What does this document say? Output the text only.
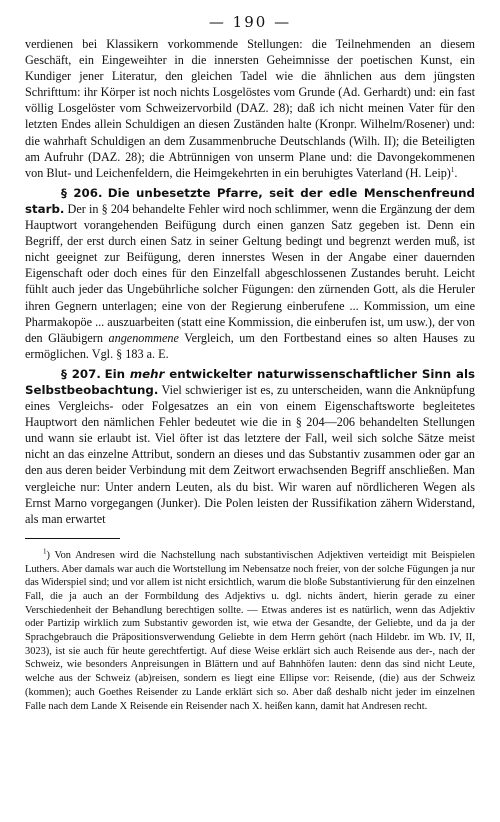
— 190 —

verdienen bei Klassikern vorkommende Stellungen: die Teilnehmenden an diesem Geschäft, ein Eingeweihter in die innersten Geheimnisse der poetischen Kunst, ein Kundiger jener Literatur, den gleichen Tadel wie die ähnlichen aus dem jüngsten Schrifttum: ihr Körper ist noch nichts Losgelöstes vom Grunde (Ad. Gerhardt) und: ein fast völlig Losgelöster vom Schweizervorbild (DAZ. 28); daß ich nicht meinen Vater für den letzten Endes allein Schuldigen an diesen Zuständen halte (Kronpr. Wilhelm/Rosener) und: die wahrhaft Schuldigen an dem Zusammenbruche Deutschlands (Wilh. II); die Beteiligten am Aufruhr (DAZ. 28); die Abtrünnigen von unserm Plane und: die Davongekommenen von Blut- und Leichenfeldern, die Heimgekehrten in ein beruhigtes Vaterland (H. Leip)$^1$.

§ 206. Die unbesetzte Pfarre, seit der edle Menschenfreund starb. Der in § 204 behandelte Fehler wird noch schlimmer, wenn die Ergänzung der dem Hauptwort vorangehenden Beifügung durch einen ganzen Satz gegeben ist. Denn ein Begriff, der erst durch einen Satz in seiner Geltung bedingt und begrenzt werden muß, ist nicht geeignet zur Beifügung, deren innerstes Wesen in der Angabe einer dauernden Eigenschaft oder doch eines für den Einzelfall abgeschlossenen Zustandes beruht. Leicht fühlt auch jeder das Ungebührliche solcher Fügungen: den zürnenden Gott, als die Heruler ihren Gegnern unterlagen; eine von der Regierung einberufene ... Kommission, um eine Pharmakopöe ... auszuarbeiten (statt eine Kommission, die einberufen ist, um usw.), der von den Gläubigern angenommene Vergleich, um den Fortbestand eines so alten Hauses zu ermöglichen. Vgl. § 183 a. E.

§ 207. Ein mehr entwickelter naturwissenschaftlicher Sinn als Selbstbeobachtung. Viel schwieriger ist es, zu unterscheiden, wann die Anknüpfung eines Vergleichs- oder Folgesatzes an ein von einem Eigenschaftsworte begleitetes Hauptwort den nämlichen Fehler bedeutet wie die in § 204—206 behandelten Stellungen und wann sie erlaubt ist. Viel öfter ist das letztere der Fall, weil sich solche Sätze meist nicht an das einzelne Attribut, sondern an dieses und das Substantiv zusammen oder gar an den aus deren beider Verbindung mit dem Zeitwort erwachsenden Begriff anschließen. Man vergleiche nur: Unter andern Leuten, als du bist. Wir waren auf nördlicheren Wegen als Ernst Marno vorgegangen (Junker). Die Polen leisten der Russifikation zähern Widerstand, als man erwartet

$^1$) Von Andresen wird die Nachstellung nach substantivischen Adjektiven verteidigt mit Beispielen Luthers. Aber damals war auch die Wortstellung im Nebensatze noch freier, von der solche Fügungen ja nur das Widerspiel sind; und vor allem ist nicht ersichtlich, warum die bloße Substantivierung für den einzelnen Fall, die ja auch an der Formbildung des Adjektivs u. dgl. nichts ändert, hierin gerade zu einer Verschiedenheit der Behandlung berechtigen sollte. — Etwas anderes ist es natürlich, wenn das Adjektiv oder Partizip wirklich zum Substantiv geworden ist, wie etwa der Gesandte, der Geliebte, und da ja der Sprachgebrauch die Präpositionsverwendung Geliebte in dem Herrn gehört (nach Hildebr. im Wb. IV, II, 3023), ist sie auch für heute gerechtfertigt. Auf diese Weise erklärt sich auch Reisende aus der-, nach der Schweiz, wie besonders Anpreisungen in Blättern und auf Bahnhöfen lauten: denn das sind nicht Leute, welche aus der Schweiz (ab)reisen, sondern es liegt eine Ellipse vor: Reisende, (die) aus der Schweiz (kommen); auch Goethes Reisender zu Lande erklärt sich so. Aber daß deshalb nicht jeder im einzelnen Falle nach dem Lande X Reisende ein Reisender nach X. heißen kann, damit hat Andresen recht.
